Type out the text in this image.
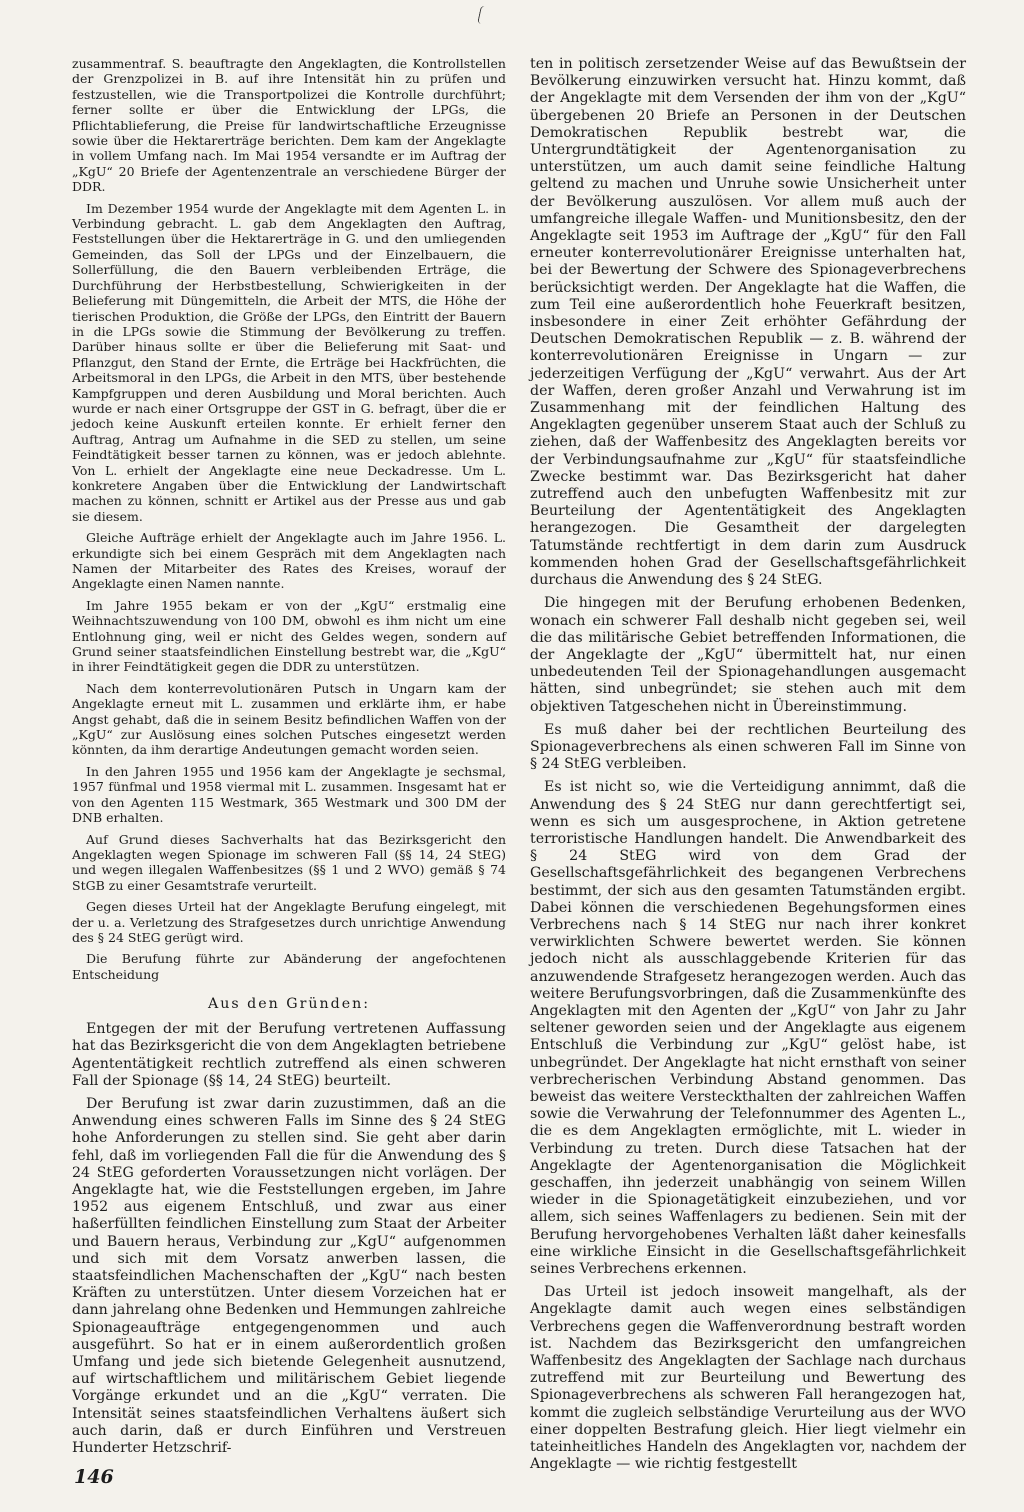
zusammentraf. S. beauftragte den Angeklagten, die Kontrollstellen der Grenzpolizei in B. auf ihre Intensität hin zu prüfen und festzustellen, wie die Transportpolizei die Kontrolle durchführt; ferner sollte er über die Entwicklung der LPGs, die Pflichtablieferung, die Preise für landwirtschaftliche Erzeugnisse sowie über die Hektarerträge berichten. Dem kam der Angeklagte in vollem Umfang nach. Im Mai 1954 versandte er im Auftrag der „KgU“ 20 Briefe der Agentenzentrale an verschiedene Bürger der DDR.

Im Dezember 1954 wurde der Angeklagte mit dem Agenten L. in Verbindung gebracht. L. gab dem Angeklagten den Auftrag, Feststellungen über die Hektarerträge in G. und den umliegenden Gemeinden, das Soll der LPGs und der Einzelbauern, die Sollerfüllung, die den Bauern verbleibenden Erträge, die Durchführung der Herbstbestellung, Schwierigkeiten in der Belieferung mit Düngemitteln, die Arbeit der MTS, die Höhe der tierischen Produktion, die Größe der LPGs, den Eintritt der Bauern in die LPGs sowie die Stimmung der Bevölkerung zu treffen. Darüber hinaus sollte er über die Belieferung mit Saat- und Pflanzgut, den Stand der Ernte, die Erträge bei Hackfrüchten, die Arbeitsmoral in den LPGs, die Arbeit in den MTS, über bestehende Kampfgruppen und deren Ausbildung und Moral berichten. Auch wurde er nach einer Ortsgruppe der GST in G. befragt, über die er jedoch keine Auskunft erteilen konnte. Er erhielt ferner den Auftrag, Antrag um Aufnahme in die SED zu stellen, um seine Feindtätigkeit besser tarnen zu können, was er jedoch ablehnte. Von L. erhielt der Angeklagte eine neue Deckadresse. Um L. konkretere Angaben über die Entwicklung der Landwirtschaft machen zu können, schnitt er Artikel aus der Presse aus und gab sie diesem.

Gleiche Aufträge erhielt der Angeklagte auch im Jahre 1956. L. erkundigte sich bei einem Gespräch mit dem Angeklagten nach Namen der Mitarbeiter des Rates des Kreises, worauf der Angeklagte einen Namen nannte.

Im Jahre 1955 bekam er von der „KgU“ erstmalig eine Weihnachtszuwendung von 100 DM, obwohl es ihm nicht um eine Entlohnung ging, weil er nicht des Geldes wegen, sondern auf Grund seiner staatsfeindlichen Einstellung bestrebt war, die „KgU“ in ihrer Feindtätigkeit gegen die DDR zu unterstützen.

Nach dem konterrevolutionären Putsch in Ungarn kam der Angeklagte erneut mit L. zusammen und erklärte ihm, er habe Angst gehabt, daß die in seinem Besitz befindlichen Waffen von der „KgU“ zur Auslösung eines solchen Putsches eingesetzt werden könnten, da ihm derartige Andeutungen gemacht worden seien.

In den Jahren 1955 und 1956 kam der Angeklagte je sechsmal, 1957 fünfmal und 1958 viermal mit L. zusammen. Insgesamt hat er von den Agenten 115 Westmark, 365 Westmark und 300 DM der DNB erhalten.

Auf Grund dieses Sachverhalts hat das Bezirksgericht den Angeklagten wegen Spionage im schweren Fall (§§ 14, 24 StEG) und wegen illegalen Waffenbesitzes (§§ 1 und 2 WVO) gemäß § 74 StGB zu einer Gesamtstrafe verurteilt.

Gegen dieses Urteil hat der Angeklagte Berufung eingelegt, mit der u. a. Verletzung des Strafgesetzes durch unrichtige Anwendung des § 24 StEG gerügt wird.

Die Berufung führte zur Abänderung der angefochtenen Entscheidung

Aus den Gründen:

Entgegen der mit der Berufung vertretenen Auffassung hat das Bezirksgericht die von dem Angeklagten betriebene Agententätigkeit rechtlich zutreffend als einen schweren Fall der Spionage (§§ 14, 24 StEG) beurteilt.

Der Berufung ist zwar darin zuzustimmen, daß an die Anwendung eines schweren Falls im Sinne des § 24 StEG hohe Anforderungen zu stellen sind. Sie geht aber darin fehl, daß im vorliegenden Fall die für die Anwendung des § 24 StEG geforderten Voraussetzungen nicht vorlägen. Der Angeklagte hat, wie die Feststellungen ergeben, im Jahre 1952 aus eigenem Entschluß, und zwar aus einer haßerfüllten feindlichen Einstellung zum Staat der Arbeiter und Bauern heraus, Verbindung zur „KgU“ aufgenommen und sich mit dem Vorsatz anwerben lassen, die staatsfeindlichen Machenschaften der „KgU“ nach besten Kräften zu unterstützen. Unter diesem Vorzeichen hat er dann jahrelang ohne Bedenken und Hemmungen zahlreiche Spionageaufträge entgegengenommen und auch ausgeführt. So hat er in einem außerordentlich großen Umfang und jede sich bietende Gelegenheit ausnutzend, auf wirtschaftlichem und militärischem Gebiet liegende Vorgänge erkundet und an die „KgU“ verraten. Die Intensität seines staatsfeindlichen Verhaltens äußert sich auch darin, daß er durch Einführen und Verstreuen Hunderter Hetzschrif-

ten in politisch zersetzender Weise auf das Bewußtsein der Bevölkerung einzuwirken versucht hat. Hinzu kommt, daß der Angeklagte mit dem Versenden der ihm von der „KgU“ übergebenen 20 Briefe an Personen in der Deutschen Demokratischen Republik bestrebt war, die Untergrundtätigkeit der Agentenorganisation zu unterstützen, um auch damit seine feindliche Haltung geltend zu machen und Unruhe sowie Unsicherheit unter der Bevölkerung auszulösen. Vor allem muß auch der umfangreiche illegale Waffen- und Munitionsbesitz, den der Angeklagte seit 1953 im Auftrage der „KgU“ für den Fall erneuter konterrevolutionärer Ereignisse unterhalten hat, bei der Bewertung der Schwere des Spionageverbrechens berücksichtigt werden. Der Angeklagte hat die Waffen, die zum Teil eine außerordentlich hohe Feuerkraft besitzen, insbesondere in einer Zeit erhöhter Gefährdung der Deutschen Demokratischen Republik — z. B. während der konterrevolutionären Ereignisse in Ungarn — zur jederzeitigen Verfügung der „KgU“ verwahrt. Aus der Art der Waffen, deren großer Anzahl und Verwahrung ist im Zusammenhang mit der feindlichen Haltung des Angeklagten gegenüber unserem Staat auch der Schluß zu ziehen, daß der Waffenbesitz des Angeklagten bereits vor der Verbindungsaufnahme zur „KgU“ für staatsfeindliche Zwecke bestimmt war. Das Bezirksgericht hat daher zutreffend auch den unbefugten Waffenbesitz mit zur Beurteilung der Agententätigkeit des Angeklagten herangezogen. Die Gesamtheit der dargelegten Tatumstände rechtfertigt in dem darin zum Ausdruck kommenden hohen Grad der Gesellschaftsgefährlichkeit durchaus die Anwendung des § 24 StEG.

Die hingegen mit der Berufung erhobenen Bedenken, wonach ein schwerer Fall deshalb nicht gegeben sei, weil die das militärische Gebiet betreffenden Informationen, die der Angeklagte der „KgU“ übermittelt hat, nur einen unbedeutenden Teil der Spionagehandlungen ausgemacht hätten, sind unbegründet; sie stehen auch mit dem objektiven Tatgeschehen nicht in Übereinstimmung.

Es muß daher bei der rechtlichen Beurteilung des Spionageverbrechens als einen schweren Fall im Sinne von § 24 StEG verbleiben.

Es ist nicht so, wie die Verteidigung annimmt, daß die Anwendung des § 24 StEG nur dann gerechtfertigt sei, wenn es sich um ausgesprochene, in Aktion getretene terroristische Handlungen handelt. Die Anwendbarkeit des § 24 StEG wird von dem Grad der Gesellschaftsgefährlichkeit des begangenen Verbrechens bestimmt, der sich aus den gesamten Tatumständen ergibt. Dabei können die verschiedenen Begehungsformen eines Verbrechens nach § 14 StEG nur nach ihrer konkret verwirklichten Schwere bewertet werden. Sie können jedoch nicht als ausschlaggebende Kriterien für das anzuwendende Strafgesetz herangezogen werden. Auch das weitere Berufungsvorbringen, daß die Zusammenkünfte des Angeklagten mit den Agenten der „KgU“ von Jahr zu Jahr seltener geworden seien und der Angeklagte aus eigenem Entschluß die Verbindung zur „KgU“ gelöst habe, ist unbegründet. Der Angeklagte hat nicht ernsthaft von seiner verbrecherischen Verbindung Abstand genommen. Das beweist das weitere Versteckthalten der zahlreichen Waffen sowie die Verwahrung der Telefonnummer des Agenten L., die es dem Angeklagten ermöglichte, mit L. wieder in Verbindung zu treten. Durch diese Tatsachen hat der Angeklagte der Agentenorganisation die Möglichkeit geschaffen, ihn jederzeit unabhängig von seinem Willen wieder in die Spionagetätigkeit einzubeziehen, und vor allem, sich seines Waffenlagers zu bedienen. Sein mit der Berufung hervorgehobenes Verhalten läßt daher keinesfalls eine wirkliche Einsicht in die Gesellschaftsgefährlichkeit seines Verbrechens erkennen.

Das Urteil ist jedoch insoweit mangelhaft, als der Angeklagte damit auch wegen eines selbständigen Verbrechens gegen die Waffenverordnung bestraft worden ist. Nachdem das Bezirksgericht den umfangreichen Waffenbesitz des Angeklagten der Sachlage nach durchaus zutreffend mit zur Beurteilung und Bewertung des Spionageverbrechens als schweren Fall herangezogen hat, kommt die zugleich selbständige Verurteilung aus der WVO einer doppelten Bestrafung gleich. Hier liegt vielmehr ein tateinheitliches Handeln des Angeklagten vor, nachdem der Angeklagte — wie richtig festgestellt

146
